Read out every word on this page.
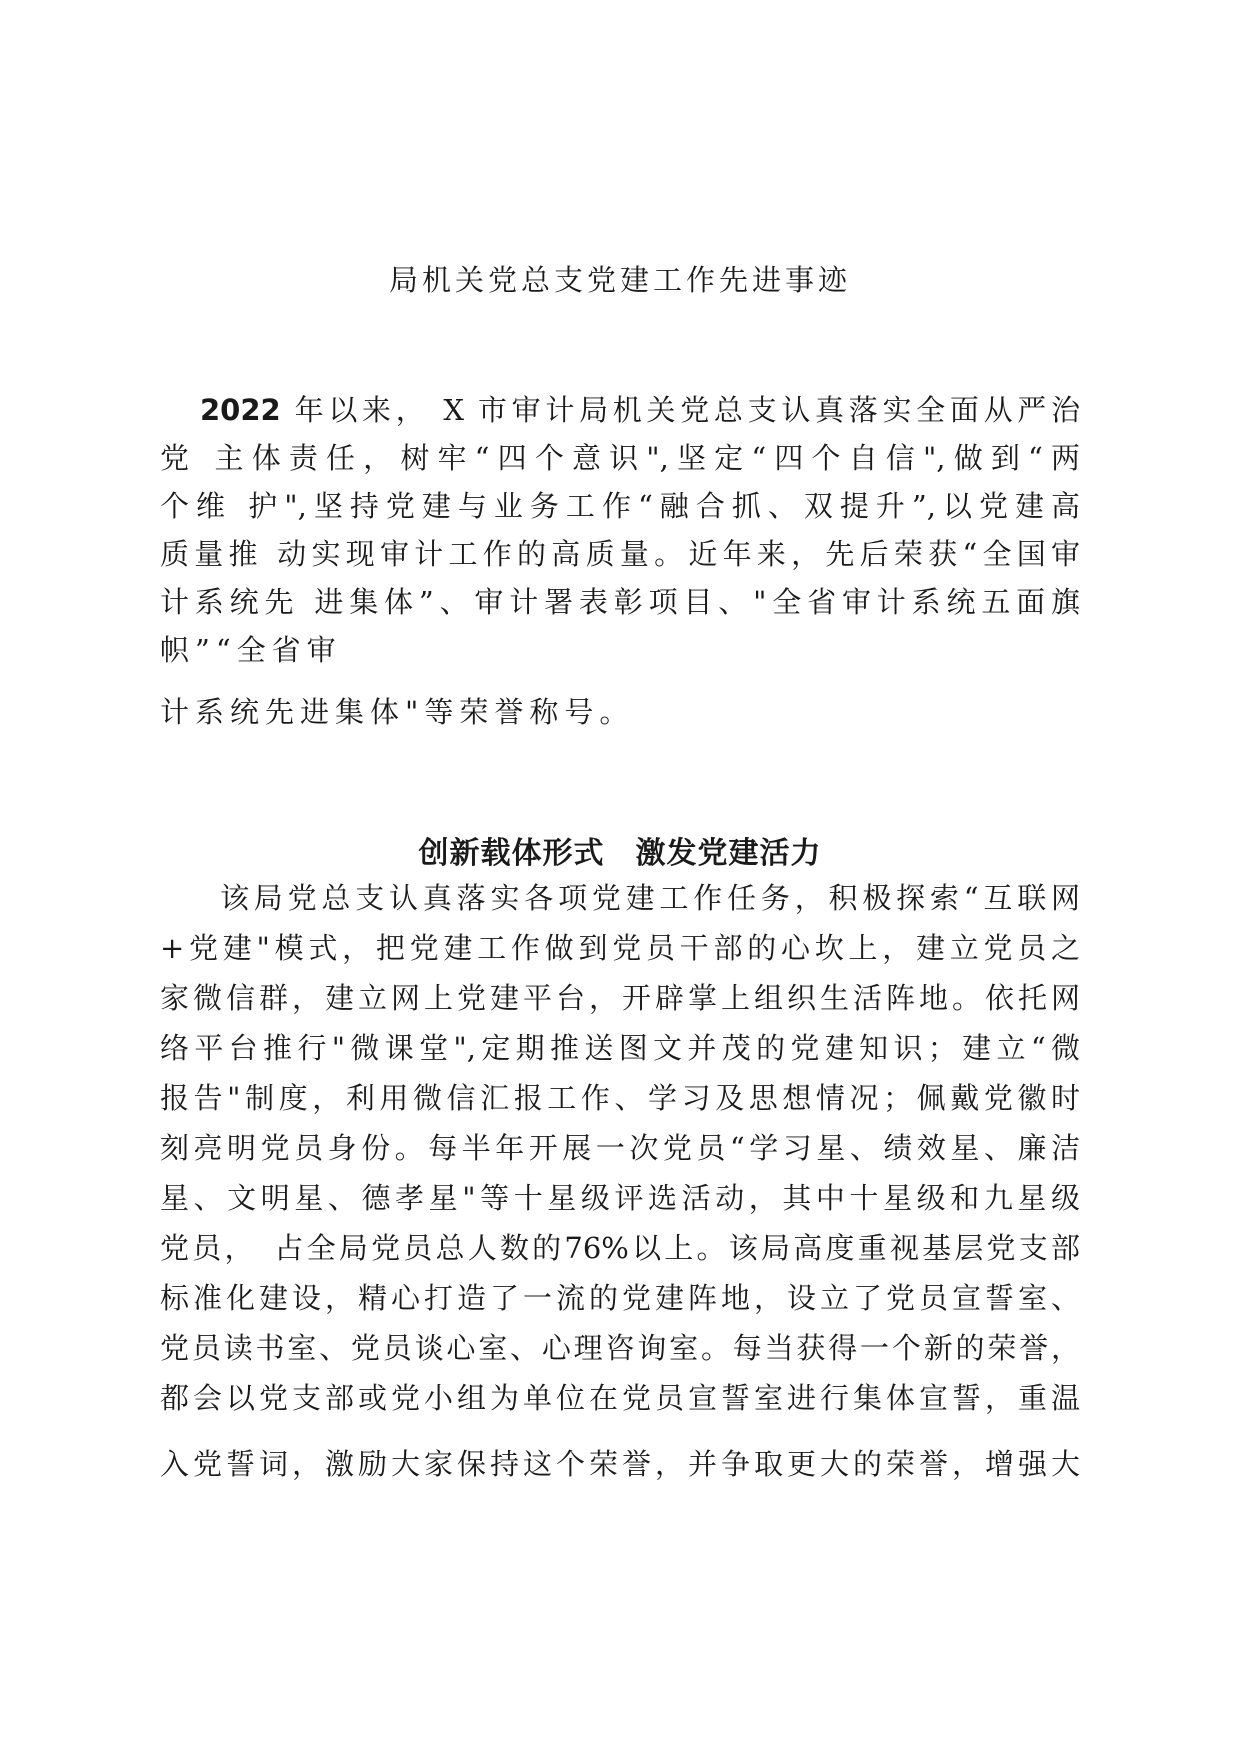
局机关党总支党建工作先进事迹
2022 年以来， X 市审计局机关党总支认真落实全面从严治
党 主体责任，树牢“四个意识",坚定“四个自信",做到“两
个维 护",坚持党建与业务工作“融合抓、双提升”,以党建高
质量推 动实现审计工作的高质量。近年来，先后荣获“全国审
计系统先 进集体”、审计署表彰项目、"全省审计系统五面旗
帜”“全省审
计系统先进集体"等荣誉称号。
创新载体形式　激发党建活力
该局党总支认真落实各项党建工作任务，积极探索“互联网
+党建"模式，把党建工作做到党员干部的心坎上，建立党员之
家微信群，建立网上党建平台，开辟掌上组织生活阵地。依托网
络平台推行"微课堂",定期推送图文并茂的党建知识；建立“微
报告"制度，利用微信汇报工作、学习及思想情况；佩戴党徽时
刻亮明党员身份。每半年开展一次党员“学习星、绩效星、廉洁
星、文明星、德孝星"等十星级评选活动，其中十星级和九星级
党员，　占全局党员总人数的76%以上。该局高度重视基层党支部
标准化建设，精心打造了一流的党建阵地，设立了党员宣誓室、
党员读书室、党员谈心室、心理咨询室。每当获得一个新的荣誉，
都会以党支部或党小组为单位在党员宣誓室进行集体宣誓，重温
入党誓词，激励大家保持这个荣誉，并争取更大的荣誉，增强大
